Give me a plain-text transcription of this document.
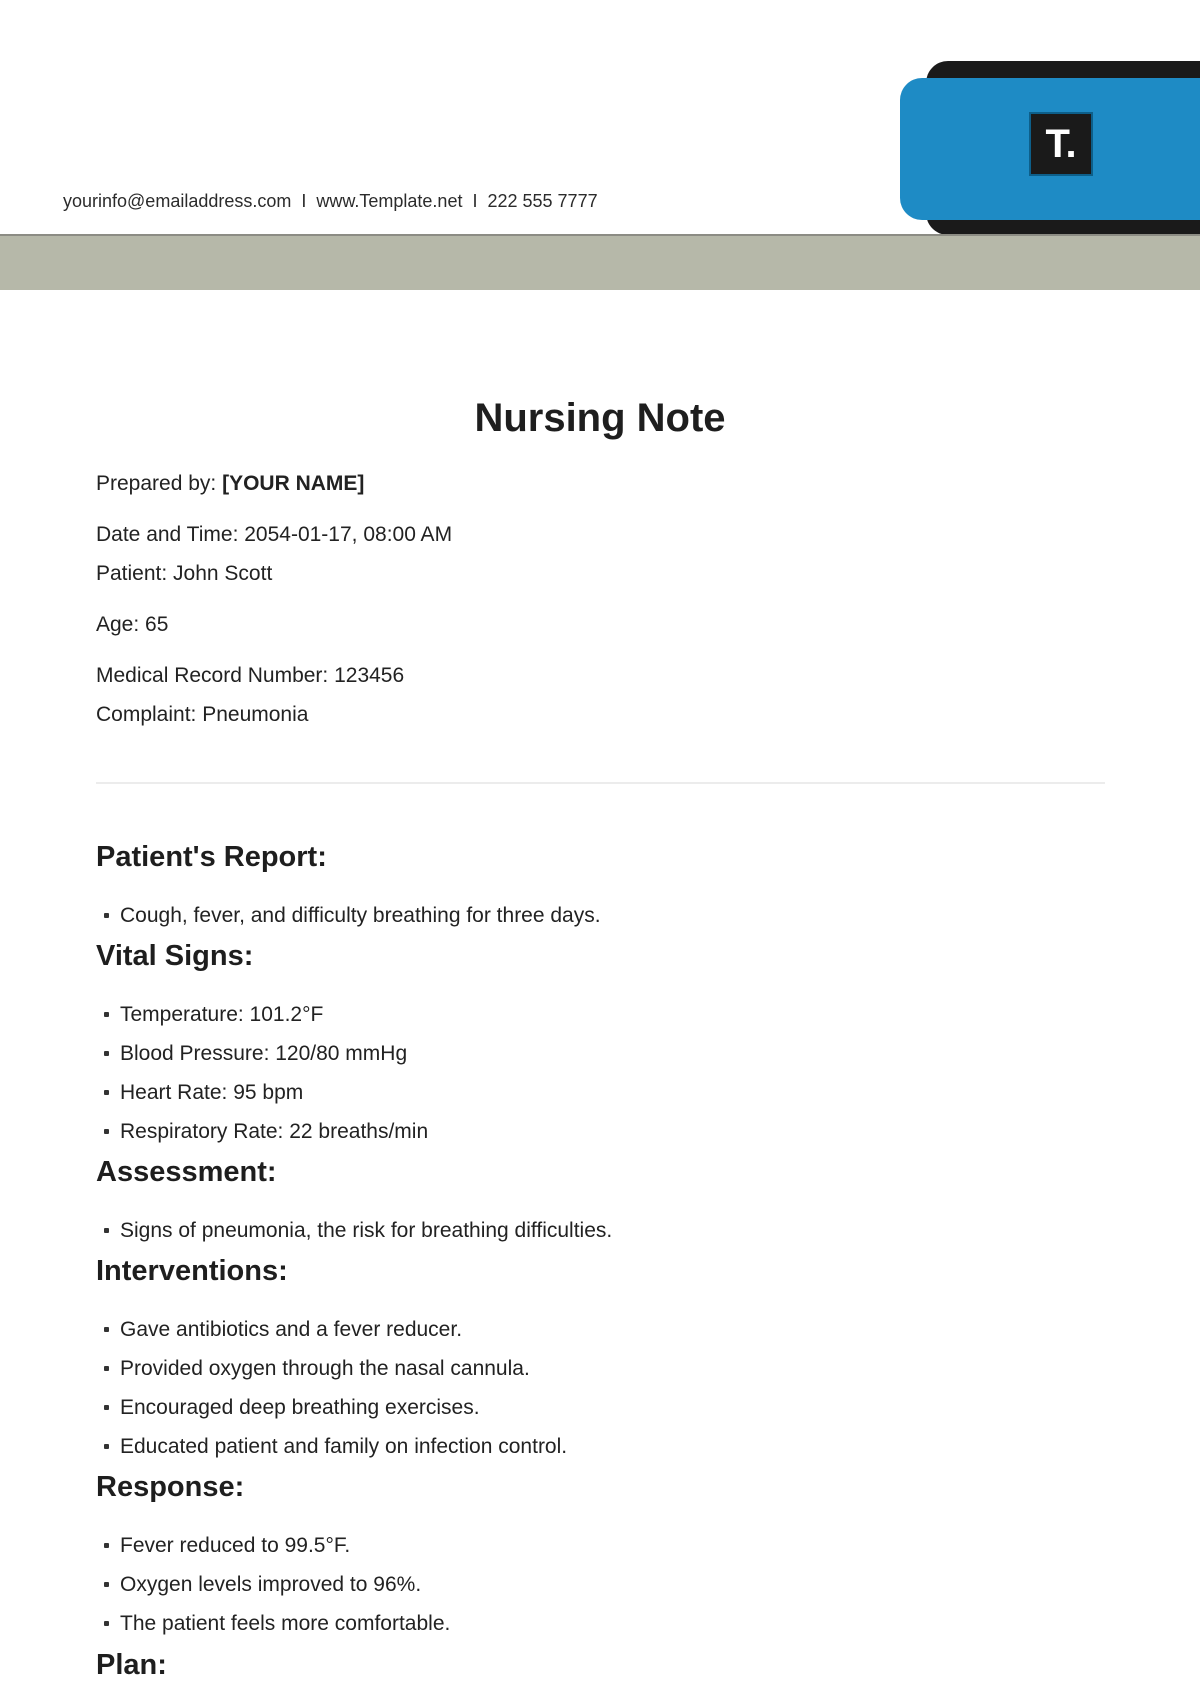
yourinfo@emailaddress.com I www.Template.net I 222 555 7777
T.
Nursing Note
Prepared by: [YOUR NAME]
Date and Time: 2054-01-17, 08:00 AM
Patient: John Scott
Age: 65
Medical Record Number: 123456
Complaint: Pneumonia
Patient's Report:
Cough, fever, and difficulty breathing for three days.
Vital Signs:
Temperature: 101.2°F
Blood Pressure: 120/80 mmHg
Heart Rate: 95 bpm
Respiratory Rate: 22 breaths/min
Assessment:
Signs of pneumonia, the risk for breathing difficulties.
Interventions:
Gave antibiotics and a fever reducer.
Provided oxygen through the nasal cannula.
Encouraged deep breathing exercises.
Educated patient and family on infection control.
Response:
Fever reduced to 99.5°F.
Oxygen levels improved to 96%.
The patient feels more comfortable.
Plan:
